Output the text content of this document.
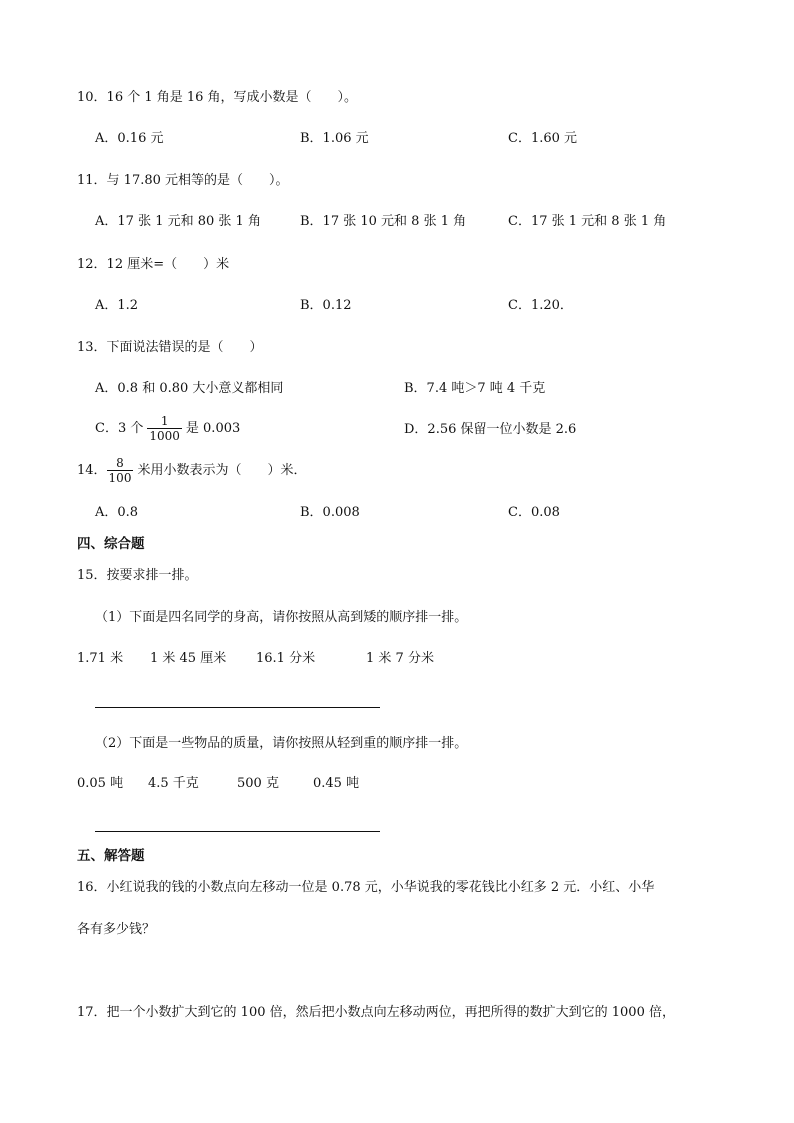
10．16 个 1 角是 16 角，写成小数是（　　）。
A．0.16 元	B．1.06 元	C．1.60 元
11．与 17.80 元相等的是（　　）。
A．17 张 1 元和 80 张 1 角	B．17 张 10 元和 8 张 1 角	C．17 张 1 元和 8 张 1 角
12．12 厘米=（　　）米
A．1.2	B．0.12	C．1.20．
13．下面说法错误的是（　　）
A．0.8 和 0.80 大小意义都相同	B．7.4 吨＞7 吨 4 千克
C．3 个 $\frac{1}{1000}$ 是 0.003	D．2.56 保留一位小数是 2.6
14． $\frac{8}{100}$ 米用小数表示为（　　）米．
A．0.8	B．0.008	C．0.08
四、综合题
15．按要求排一排。
（1）下面是四名同学的身高，请你按照从高到矮的顺序排一排。
1.71 米 1 米 45 厘米 16.1 分米	1 米 7 分米
（2）下面是一些物品的质量，请你按照从轻到重的顺序排一排。
0.05 吨 4.5 千克	500 克	0.45 吨
五、解答题
16．小红说我的钱的小数点向左移动一位是 0.78 元，小华说我的零花钱比小红多 2 元．小红、小华
各有多少钱？
17．把一个小数扩大到它的 100 倍，然后把小数点向左移动两位，再把所得的数扩大到它的 1000 倍，
